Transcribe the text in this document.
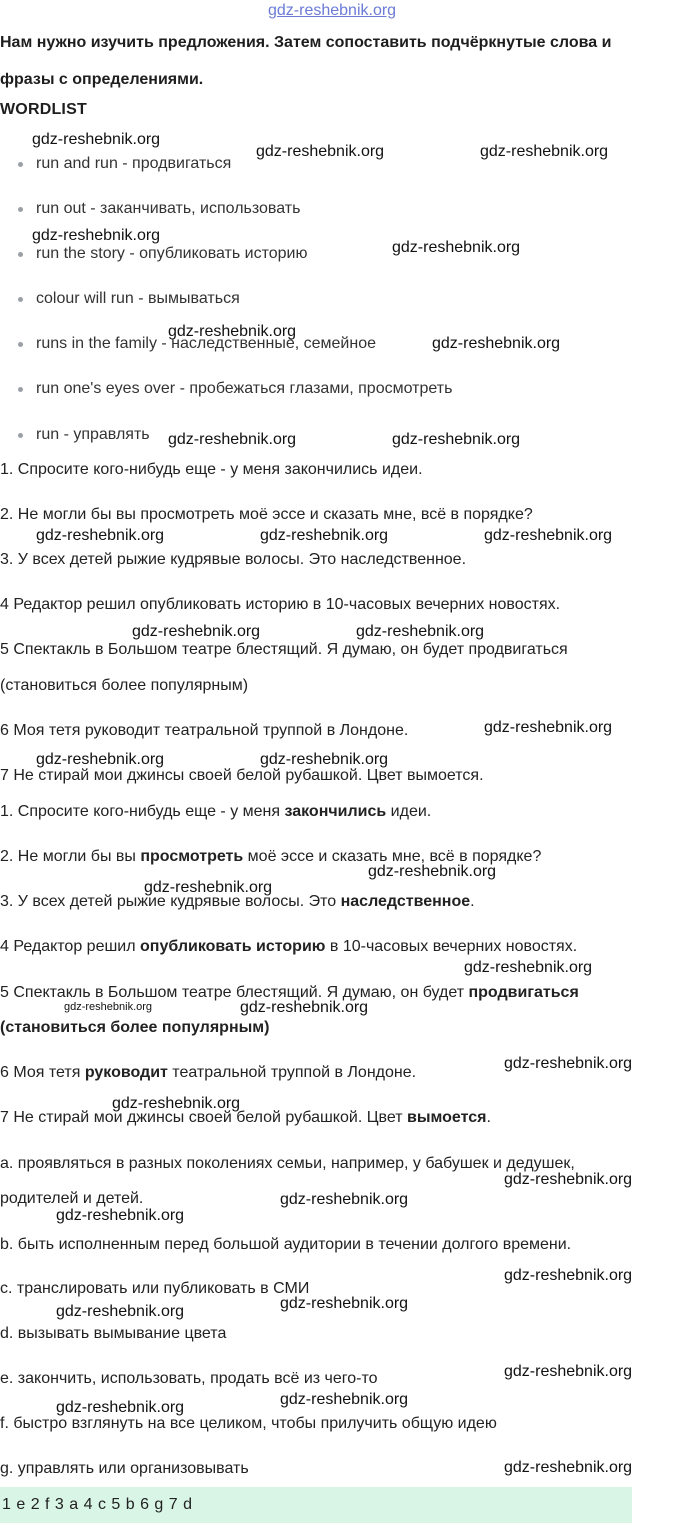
gdz-reshebnik.org
Нам нужно изучить предложения. Затем сопоставить подчёркнутые слова и
фразы с определениями.
WORDLIST
run and run - продвигаться
run out - заканчивать, использовать
run the story - опубликовать историю
colour will run - вымываться
runs in the family - наследственные, семейное
run one's eyes over - пробежаться глазами, просмотреть
run - управлять
1. Спросите кого-нибудь еще - у меня закончились идеи.
2. Не могли бы вы просмотреть моё эссе и сказать мне, всё в порядке?
3. У всех детей рыжие кудрявые волосы. Это наследственное.
4 Редактор решил опубликовать историю в 10-часовых вечерних новостях.
5 Спектакль в Большом театре блестящий. Я думаю, он будет продвигаться
(становиться более популярным)
6 Моя тетя руководит театральной труппой в Лондоне.
7 Не стирай мои джинсы своей белой рубашкой. Цвет вымоется.
1. Спросите кого-нибудь еще - у меня закончились идеи.
2. Не могли бы вы просмотреть моё эссе и сказать мне, всё в порядке?
3. У всех детей рыжие кудрявые волосы. Это наследственное.
4 Редактор решил опубликовать историю в 10-часовых вечерних новостях.
5 Спектакль в Большом театре блестящий. Я думаю, он будет продвигаться
(становиться более популярным)
6 Моя тетя руководит театральной труппой в Лондоне.
7 Не стирай мои джинсы своей белой рубашкой. Цвет вымоется.
a. проявляться в разных поколениях семьи, например, у бабушек и дедушек,
родителей и детей.
b. быть исполненным перед большой аудитории в течении долгого времени.
c. транслировать или публиковать в СМИ
d. вызывать вымывание цвета
e. закончить, использовать, продать всё из чего-то
f. быстро взглянуть на все целиком, чтобы прилучить общую идею
g. управлять или организовывать
1 e 2 f 3 a 4 c 5 b 6 g 7 d
gdz-reshebnik.org
gdz-reshebnik.org	gdz-reshebnik.org
gdz-reshebnik.org
gdz-reshebnik.org
gdz-reshebnik.org
gdz-reshebnik.org
gdz-reshebnik.org	gdz-reshebnik.org
gdz-reshebnik.org	gdz-reshebnik.org	gdz-reshebnik.org
gdz-reshebnik.org	gdz-reshebnik.org
gdz-reshebnik.org
gdz-reshebnik.org	gdz-reshebnik.org
gdz-reshebnik.org
gdz-reshebnik.org
gdz-reshebnik.org
gdz-reshebnik.org	gdz-reshebnik.org
gdz-reshebnik.org
gdz-reshebnik.org
gdz-reshebnik.org
gdz-reshebnik.org
gdz-reshebnik.org
gdz-reshebnik.org
gdz-reshebnik.org
gdz-reshebnik.org
gdz-reshebnik.org
gdz-reshebnik.org
gdz-reshebnik.org
gdz-reshebnik.org
